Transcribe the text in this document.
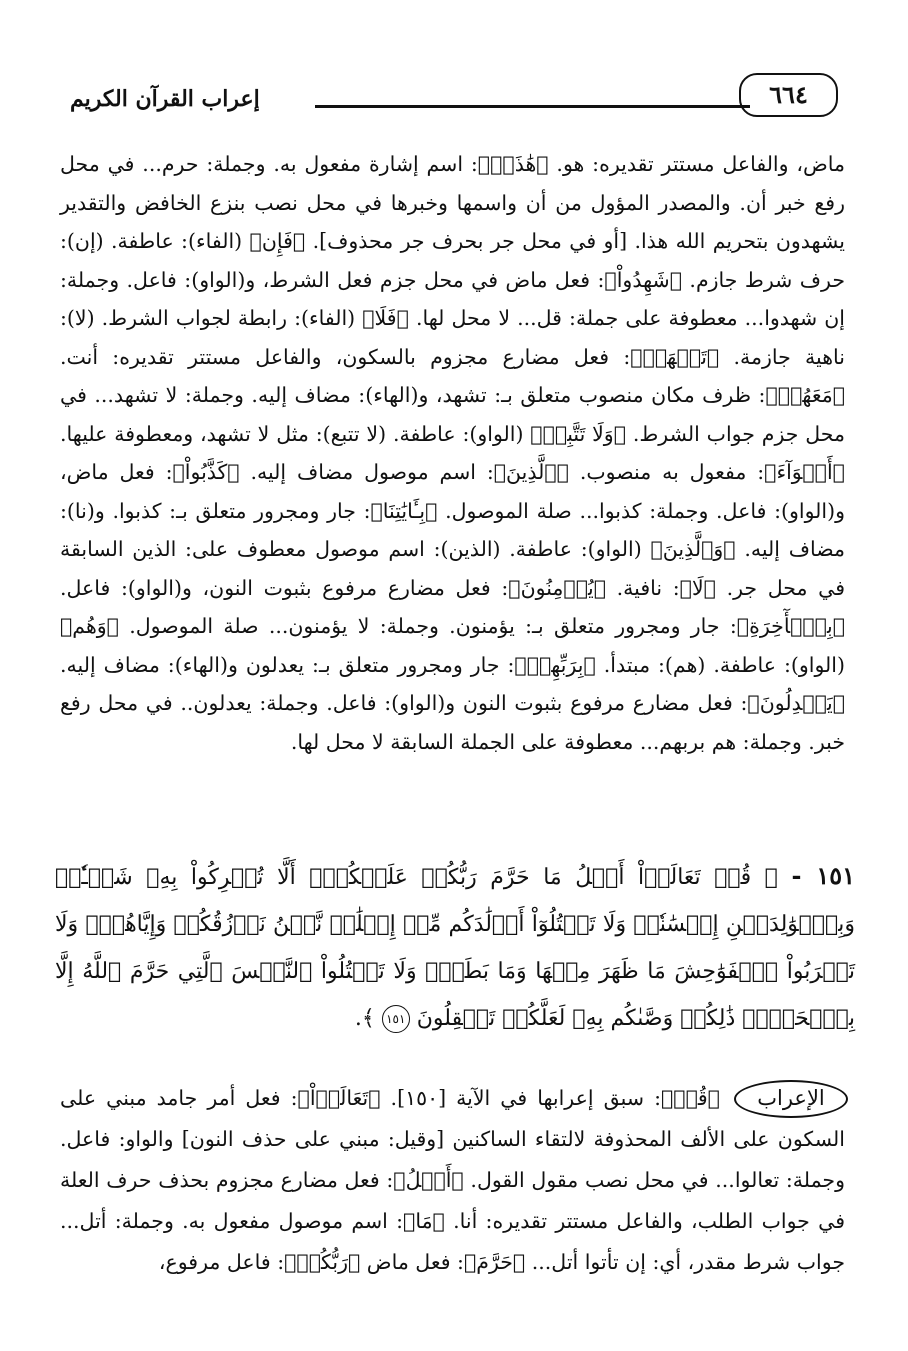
إعراب القرآن الكريم	٦٦٤

ماض، والفاعل مستتر تقديره: هو. ﴿هَٰذَاۖ﴾: اسم إشارة مفعول به. وجملة: حرم... في محل رفع خبر أن. والمصدر المؤول من أن واسمها وخبرها في محل نصب بنزع الخافض والتقدير يشهدون بتحريم الله هذا. [أو في محل جر بحرف جر محذوف]. ﴿فَإِن﴾ (الفاء): عاطفة. (إن): حرف شرط جازم. ﴿شَهِدُواْ﴾: فعل ماض في محل جزم فعل الشرط، و(الواو): فاعل. وجملة: إن شهدوا... معطوفة على جملة: قل... لا محل لها. ﴿فَلَا﴾ (الفاء): رابطة لجواب الشرط. (لا): ناهية جازمة. ﴿تَشۡهَدۡ﴾: فعل مضارع مجزوم بالسكون، والفاعل مستتر تقديره: أنت. ﴿مَعَهُمۡ﴾: ظرف مكان منصوب متعلق بـ: تشهد، و(الهاء): مضاف إليه. وجملة: لا تشهد... في محل جزم جواب الشرط. ﴿وَلَا تَتَّبِعۡ﴾ (الواو): عاطفة. (لا تتبع): مثل لا تشهد، ومعطوفة عليها. ﴿أَهۡوَآءَ﴾: مفعول به منصوب. ﴿ٱلَّذِينَ﴾: اسم موصول مضاف إليه. ﴿كَذَّبُواْ﴾: فعل ماض، و(الواو): فاعل. وجملة: كذبوا... صلة الموصول. ﴿بِـَٔايَٰتِنَا﴾: جار ومجرور متعلق بـ: كذبوا. و(نا): مضاف إليه. ﴿وَٱلَّذِينَ﴾ (الواو): عاطفة. (الذين): اسم موصول معطوف على: الذين السابقة في محل جر. ﴿لَا﴾: نافية. ﴿يُؤۡمِنُونَ﴾: فعل مضارع مرفوع بثبوت النون، و(الواو): فاعل. ﴿بِٱلۡأٓخِرَةِ﴾: جار ومجرور متعلق بـ: يؤمنون. وجملة: لا يؤمنون... صلة الموصول. ﴿وَهُم﴾ (الواو): عاطفة. (هم): مبتدأ. ﴿بِرَبِّهِمۡ﴾: جار ومجرور متعلق بـ: يعدلون و(الهاء): مضاف إليه. ﴿يَعۡدِلُونَ﴾: فعل مضارع مرفوع بثبوت النون و(الواو): فاعل. وجملة: يعدلون.. في محل رفع خبر. وجملة: هم بربهم... معطوفة على الجملة السابقة لا محل لها.

١٥١ - ﴿ قُلۡ تَعَالَوۡاْ أَتۡلُ مَا حَرَّمَ رَبُّكُمۡ عَلَيۡكُمۡۖ أَلَّا تُشۡرِكُواْ بِهِۦ شَيۡـٔٗاۖ وَبِٱلۡوَٰلِدَيۡنِ إِحۡسَٰنٗاۖ وَلَا تَقۡتُلُوٓاْ أَوۡلَٰدَكُم مِّنۡ إِمۡلَٰقٖ نَّحۡنُ نَرۡزُقُكُمۡ وَإِيَّاهُمۡۖ وَلَا تَقۡرَبُواْ ٱلۡفَوَٰحِشَ مَا ظَهَرَ مِنۡهَا وَمَا بَطَنَۖ وَلَا تَقۡتُلُواْ ٱلنَّفۡسَ ٱلَّتِي حَرَّمَ ٱللَّهُ إِلَّا بِٱلۡحَقِّۚ ذَٰلِكُمۡ وَصَّىٰكُم بِهِۦ لَعَلَّكُمۡ تَعۡقِلُونَ ١٥١ ﴾.

﴿قُلۡ﴾: سبق إعرابها في الآية [١٥٠]. ﴿تَعَالَوۡاْ﴾: فعل أمر جامد مبني على السكون على الألف المحذوفة لالتقاء الساكنين [وقيل: مبني على حذف النون] والواو: فاعل. وجملة: تعالوا... في محل نصب مقول القول. ﴿أَتۡلُ﴾: فعل مضارع مجزوم بحذف حرف العلة في جواب الطلب، والفاعل مستتر تقديره: أنا. ﴿مَا﴾: اسم موصول مفعول به. وجملة: أتل... جواب شرط مقدر، أي: إن تأتوا أتل... ﴿حَرَّمَ﴾: فعل ماض ﴿رَبُّكُمۡ﴾: فاعل مرفوع،

الإعراب
